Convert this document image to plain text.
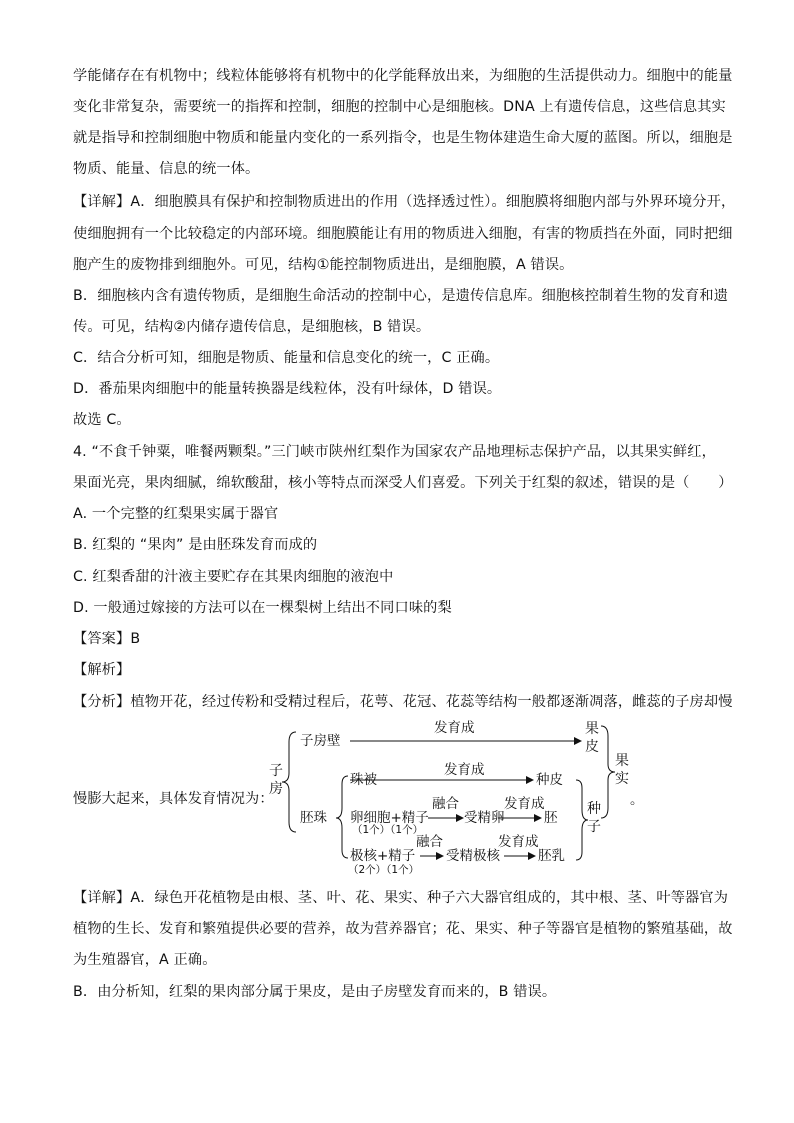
学能储存在有机物中；线粒体能够将有机物中的化学能释放出来，为细胞的生活提供动力。细胞中的能量
变化非常复杂，需要统一的指挥和控制，细胞的控制中心是细胞核。DNA 上有遗传信息，这些信息其实
就是指导和控制细胞中物质和能量内变化的一系列指令，也是生物体建造生命大厦的蓝图。所以，细胞是
物质、能量、信息的统一体。
【详解】A．细胞膜具有保护和控制物质进出的作用（选择透过性）。细胞膜将细胞内部与外界环境分开，
使细胞拥有一个比较稳定的内部环境。细胞膜能让有用的物质进入细胞，有害的物质挡在外面，同时把细
胞产生的废物排到细胞外。可见，结构①能控制物质进出，是细胞膜，A 错误。
B．细胞核内含有遗传物质，是细胞生命活动的控制中心，是遗传信息库。细胞核控制着生物的发育和遗
传。可见，结构②内储存遗传信息，是细胞核，B 错误。
C．结合分析可知，细胞是物质、能量和信息变化的统一，C 正确。
D．番茄果肉细胞中的能量转换器是线粒体，没有叶绿体，D 错误。
故选 C。
4. “不食千钟粟，唯餐两颗梨。”三门峡市陕州红梨作为国家农产品地理标志保护产品，以其果实鲜红，
果面光亮，果肉细腻，绵软酸甜，核小等特点而深受人们喜爱。下列关于红梨的叙述，错误的是（　　）
A. 一个完整的红梨果实属于器官
B. 红梨的 “果肉” 是由胚珠发育而成的
C. 红梨香甜的汁液主要贮存在其果肉细胞的液泡中
D. 一般通过嫁接的方法可以在一棵梨树上结出不同口味的梨
【答案】B
【解析】
【分析】植物开花，经过传粉和受精过程后，花萼、花冠、花蕊等结构一般都逐渐凋落，雌蕊的子房却慢
慢膨大起来，具体发育情况为：
【详解】A．绿色开花植物是由根、茎、叶、花、果实、种子六大器官组成的，其中根、茎、叶等器官为
植物的生长、发育和繁殖提供必要的营养，故为营养器官；花、果实、种子等器官是植物的繁殖基础，故
为生殖器官，A 正确。
B．由分析知，红梨的果肉部分属于果皮，是由子房壁发育而来的，B 错误。
子房
子房壁
发育成	果皮
果实
胚珠
珠被
发育成
种皮
种子
卵细胞+精子
（1个）（1个）
融合
受精卵
发育成
胚
极核+精子
（2个）（1个）
融合
受精极核
发育成
胚乳
。
